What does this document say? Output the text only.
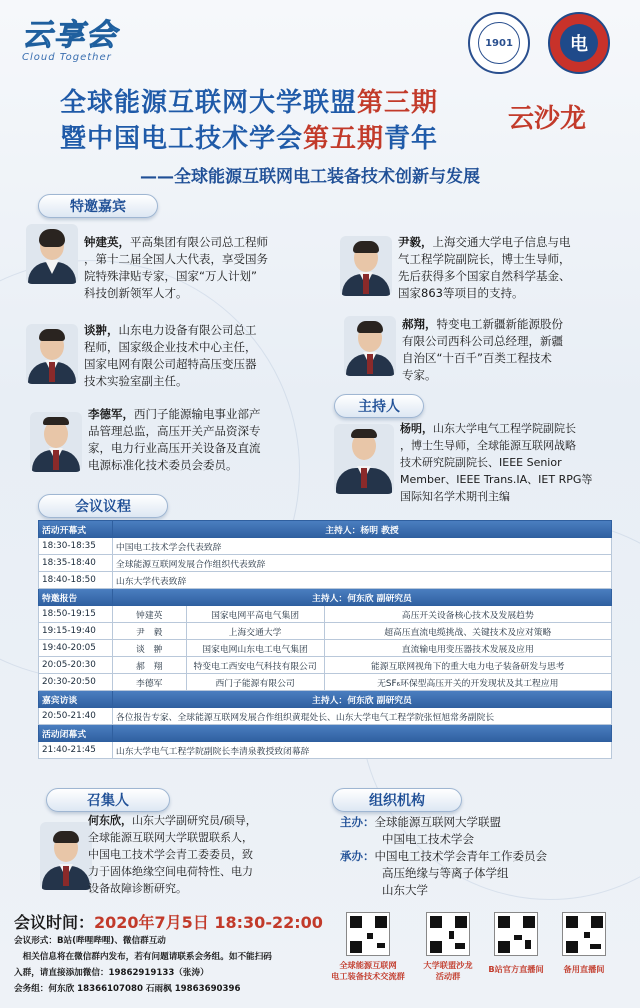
云享会
Cloud Together
1901	电
全球能源互联网大学联盟第三期
暨中国电工技术学会第五期青年
云沙龙
——全球能源互联网电工装备技术创新与发展
特邀嘉宾
钟建英，平高集团有限公司总工程师
，第十二届全国人大代表，享受国务
院特殊津贴专家，国家“万人计划”
科技创新领军人才。
尹毅，上海交通大学电子信息与电
气工程学院副院长，博士生导师，
先后获得多个国家自然科学基金、
国家863等项目的支持。
谈翀，山东电力设备有限公司总工
程师，国家级企业技术中心主任，
国家电网有限公司超特高压变压器
技术实验室副主任。
郝翔，特变电工新疆新能源股份
有限公司西科公司总经理，新疆
自治区“十百千”百类工程技术
专家。
李德军，西门子能源输电事业部产
品管理总监，高压开关产品资深专
家，电力行业高压开关设备及直流
电源标准化技术委员会委员。
主持人
杨明，山东大学电气工程学院副院长
，博士生导师，全球能源互联网战略
技术研究院副院长、IEEE Senior
Member、IEEE Trans.IA、IET RPG等
国际知名学术期刊主编
会议议程
活动开幕式	主持人：杨明 教授		
18:30-18:35	中国电工技术学会代表致辞		
18:35-18:40	全球能源互联网发展合作组织代表致辞		
18:40-18:50	山东大学代表致辞		
特邀报告	主持人：何东欣 副研究员		
18:50-19:15	钟建英	国家电网平高电气集团	高压开关设备核心技术及发展趋势
19:15-19:40	尹　毅	上海交通大学	超高压直流电缆挑战、关键技术及应对策略
19:40-20:05	谈　翀	国家电网山东电工电气集团	直流输电用变压器技术发展及应用
20:05-20:30	郝　翔	特变电工西安电气科技有限公司	能源互联网视角下的重大电力电子装备研发与思考
20:30-20:50	李德军	西门子能源有限公司	无SF₆环保型高压开关的开发现状及其工程应用
嘉宾访谈	主持人：何东欣 副研究员		
20:50-21:40	各位报告专家、全球能源互联网发展合作组织黄琨处长、山东大学电气工程学院张恒旭常务副院长		
活动闭幕式			
21:40-21:45	山东大学电气工程学院副院长李清泉教授致闭幕辞		
召集人
何东欣，山东大学副研究员/硕导，
全球能源互联网大学联盟联系人，
中国电工技术学会青工委委员，致
力于固体绝缘空间电荷特性、电力
设备故障诊断研究。
组织机构
主办：全球能源互联网大学联盟
中国电工技术学会
承办：中国电工技术学会青年工作委员会
高压绝缘与等离子体学组
山东大学
会议时间：2020年7月5日 18:30-22:00
会议形式：B站(哔哩哔哩)、微信群互动
　相关信息将在微信群内发布，若有问题请联系会务组。如不能扫码
入群，请直接添加微信：19862919133（张涛）
会务组：何东欣 18366107080 石雨枫 19863690396
全球能源互联网
电工装备技术交流群
大学联盟沙龙
活动群
B站官方直播间	备用直播间
